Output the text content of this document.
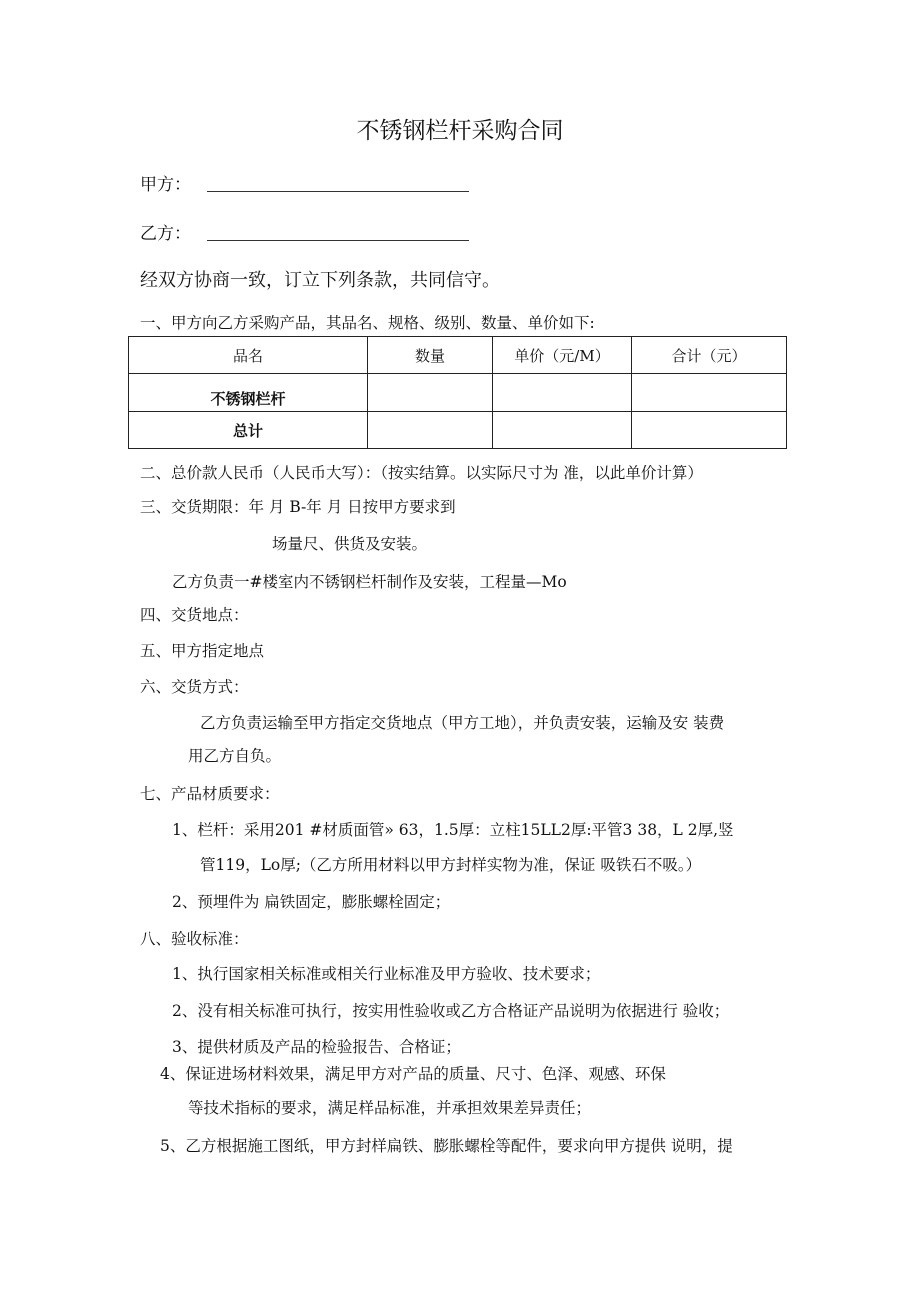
不锈钢栏杆采购合同
甲方：
乙方：
经双方协商一致，订立下列条款，共同信守。
一、甲方向乙方采购产品，其品名、规格、级别、数量、单价如下:
品名	数量	单价（元/M）	合计（元）
不锈钢栏杆			
总计			
二、总价款人民币（人民币大写）：（按实结算。以实际尺寸为 准，以此单价计算）
三、交货期限：年 月 B-年 月 日按甲方要求到
场量尺、供货及安装。
乙方负责一#楼室内不锈钢栏杆制作及安装，工程量—Mo
四、交货地点：
五、甲方指定地点
六、交货方式：
乙方负责运输至甲方指定交货地点（甲方工地），并负责安装，运输及安 装费
用乙方自负。
七、产品材质要求：
1、栏杆：采用201 #材质面管» 63，1.5厚：立柱15LL2厚:平管3 38，L 2厚,竖
管119，Lo厚;（乙方所用材料以甲方封样实物为准，保证 吸铁石不吸。）
2、预埋件为 扁铁固定，膨胀螺栓固定；
八、验收标准：
1、执行国家相关标准或相关行业标准及甲方验收、技术要求；
2、没有相关标准可执行，按实用性验收或乙方合格证产品说明为依据进行 验收；
3、提供材质及产品的检验报告、合格证；
4、保证进场材料效果，满足甲方对产品的质量、尺寸、色泽、观感、环保
等技术指标的要求，满足样品标准，并承担效果差异责任；
5、乙方根据施工图纸，甲方封样扁铁、膨胀螺栓等配件，要求向甲方提供 说明，提
